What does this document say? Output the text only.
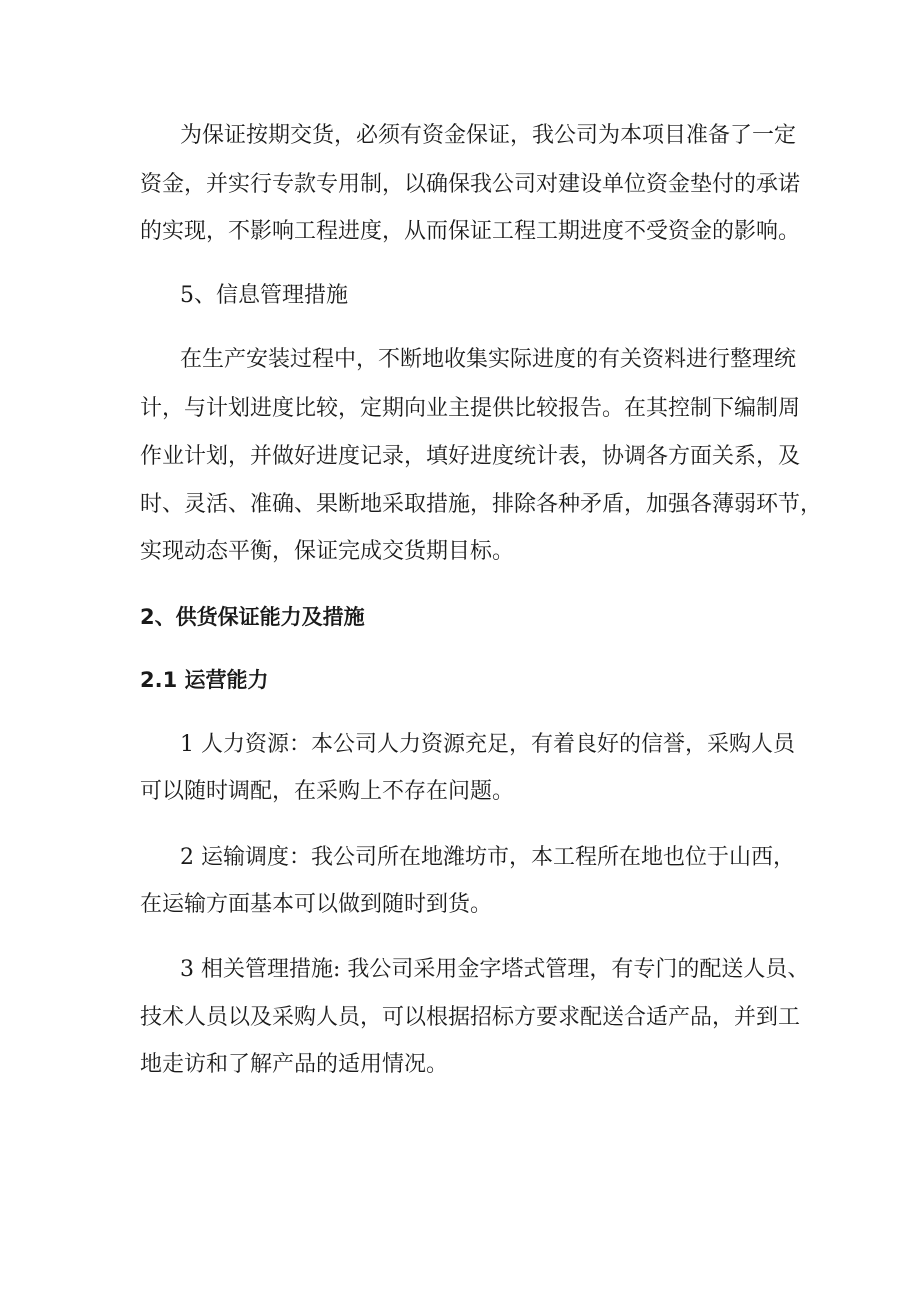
为保证按期交货，必须有资金保证，我公司为本项目准备了一定

资金，并实行专款专用制，以确保我公司对建设单位资金垫付的承诺

的实现，不影响工程进度，从而保证工程工期进度不受资金的影响。

5、信息管理措施

在生产安装过程中，不断地收集实际进度的有关资料进行整理统

计，与计划进度比较，定期向业主提供比较报告。在其控制下编制周

作业计划，并做好进度记录，填好进度统计表，协调各方面关系，及

时、灵活、准确、果断地采取措施，排除各种矛盾，加强各薄弱环节，

实现动态平衡，保证完成交货期目标。

2、供货保证能力及措施

2.1 运营能力

1 人力资源：本公司人力资源充足，有着良好的信誉，采购人员

可以随时调配，在采购上不存在问题。

2 运输调度：我公司所在地潍坊市，本工程所在地也位于山西，

在运输方面基本可以做到随时到货。

3 相关管理措施: 我公司采用金字塔式管理，有专门的配送人员、

技术人员以及采购人员，可以根据招标方要求配送合适产品，并到工

地走访和了解产品的适用情况。
